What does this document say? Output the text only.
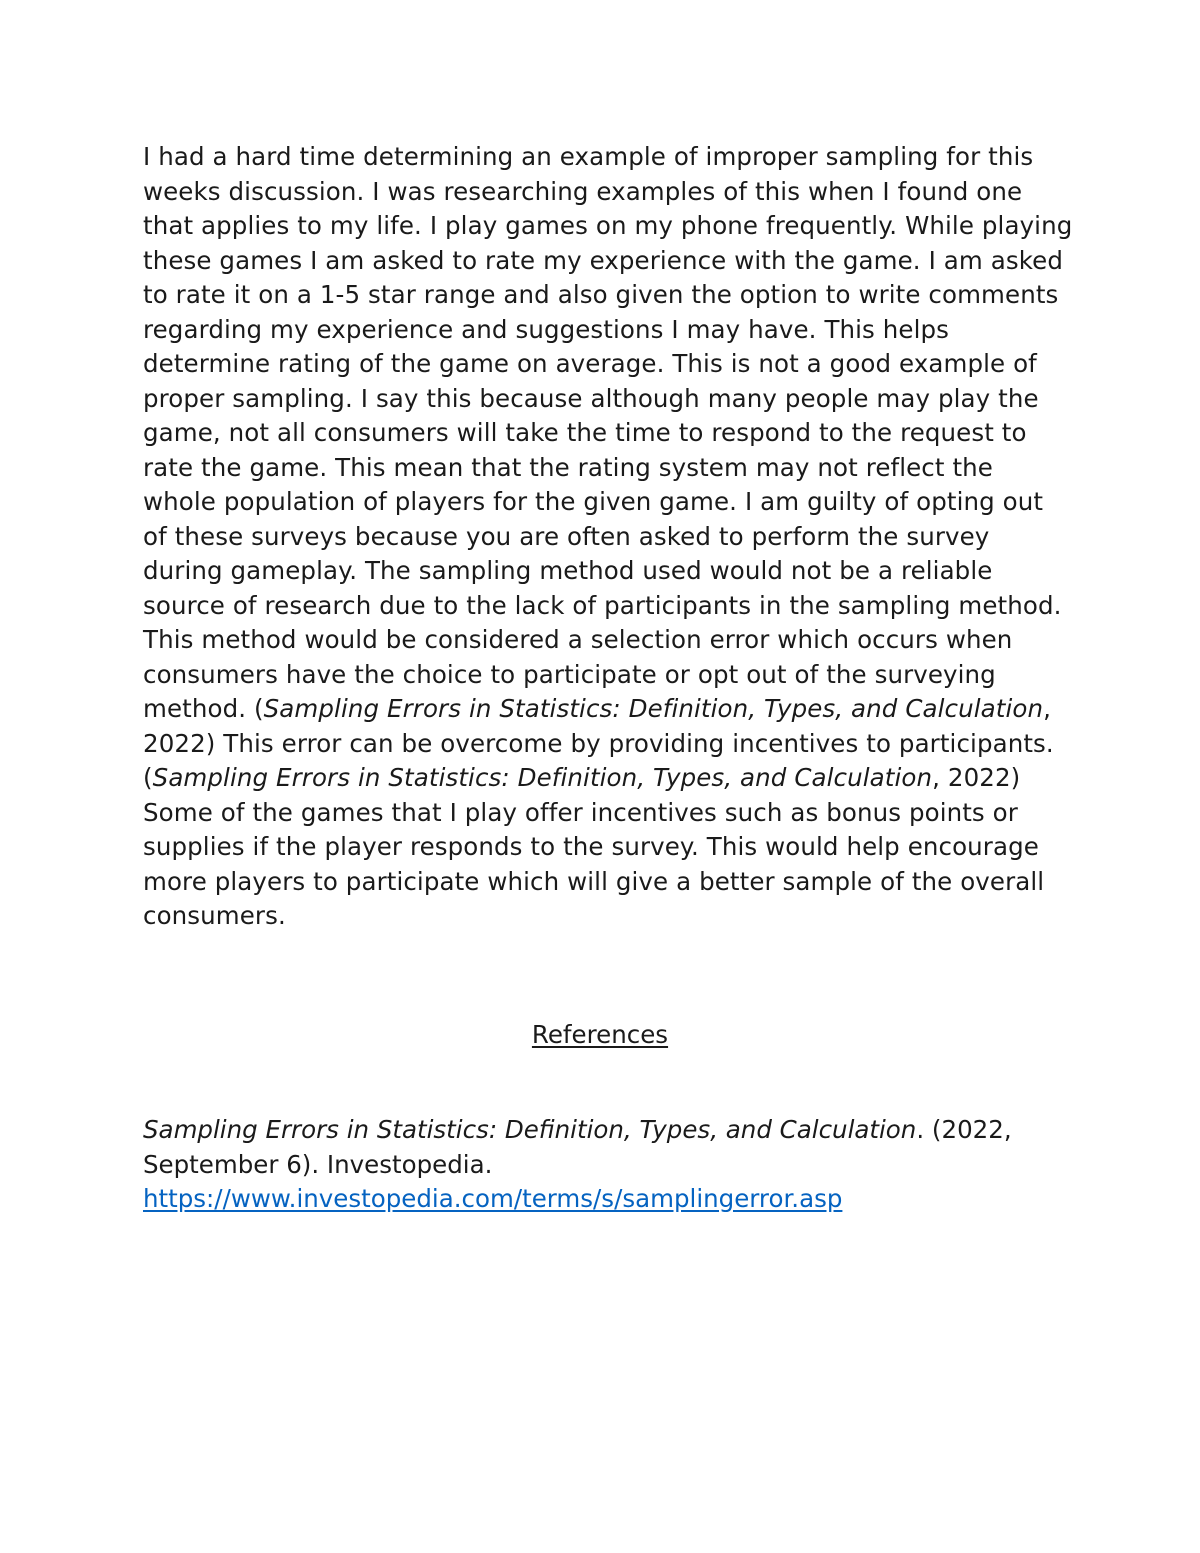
I had a hard time determining an example of improper sampling for this weeks discussion. I was researching examples of this when I found one that applies to my life. I play games on my phone frequently. While playing these games I am asked to rate my experience with the game. I am asked to rate it on a 1-5 star range and also given the option to write comments regarding my experience and suggestions I may have. This helps determine rating of the game on average. This is not a good example of proper sampling. I say this because although many people may play the game, not all consumers will take the time to respond to the request to rate the game. This mean that the rating system may not reflect the whole population of players for the given game. I am guilty of opting out of these surveys because you are often asked to perform the survey during gameplay. The sampling method used would not be a reliable source of research due to the lack of participants in the sampling method. This method would be considered a selection error which occurs when consumers have the choice to participate or opt out of the surveying method. (Sampling Errors in Statistics: Definition, Types, and Calculation, 2022) This error can be overcome by providing incentives to participants. (Sampling Errors in Statistics: Definition, Types, and Calculation, 2022) Some of the games that I play offer incentives such as bonus points or supplies if the player responds to the survey. This would help encourage more players to participate which will give a better sample of the overall consumers.

References

Sampling Errors in Statistics: Definition, Types, and Calculation. (2022, September 6). Investopedia.
https://www.investopedia.com/terms/s/samplingerror.asp
